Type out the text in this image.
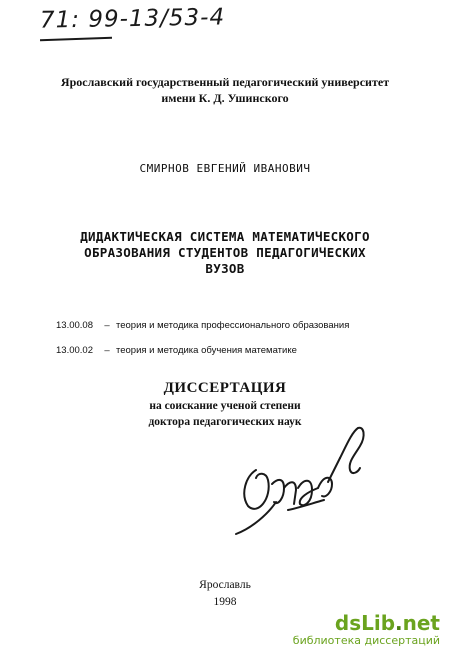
71: 99-13/53-4
Ярославский государственный педагогический университет
имени К. Д. Ушинского
СМИРНОВ ЕВГЕНИЙ ИВАНОВИЧ
ДИДАКТИЧЕСКАЯ СИСТЕМА МАТЕМАТИЧЕСКОГО
ОБРАЗОВАНИЯ СТУДЕНТОВ ПЕДАГОГИЧЕСКИХ
ВУЗОВ
13.00.08 – теория и методика профессионального образования
13.00.02 – теория и методика обучения математике
ДИССЕРТАЦИЯ
на соискание ученой степени
доктора педагогических наук
Ярославль
1998
dsLib.net
библиотека диссертаций
